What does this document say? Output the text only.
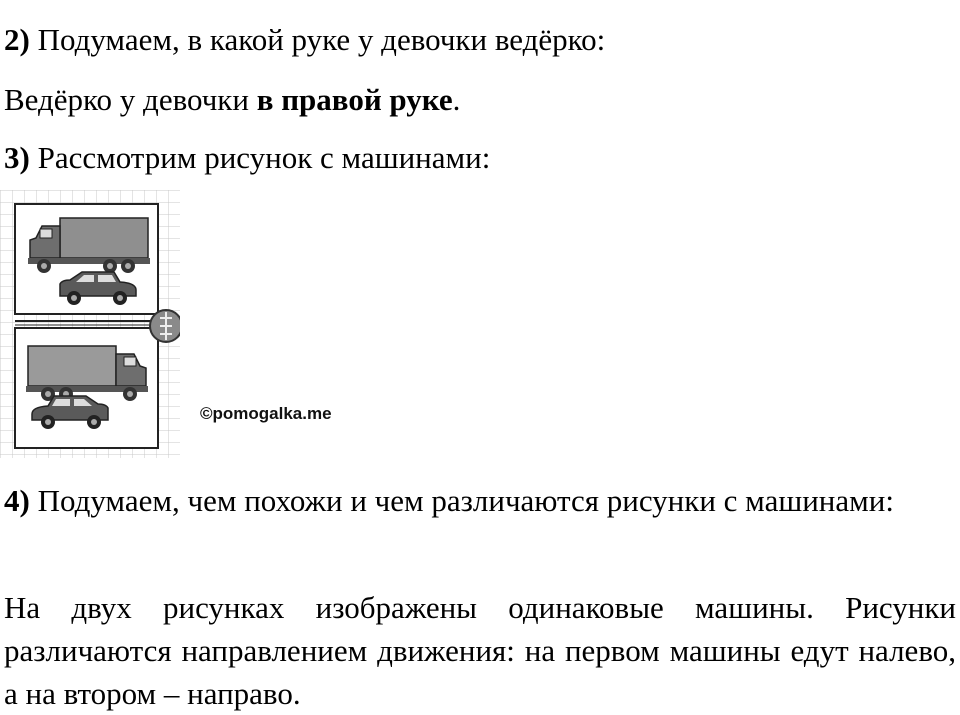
2) Подумаем, в какой руке у девочки ведёрко:
Ведёрко у девочки в правой руке.
3) Рассмотрим рисунок с машинами:
©pomogalka.me
4) Подумаем, чем похожи и чем различаются рисунки с машинами:
На двух рисунках изображены одинаковые машины. Рисунки различаются направлением движения: на первом машины едут налево, а на втором – направо.
